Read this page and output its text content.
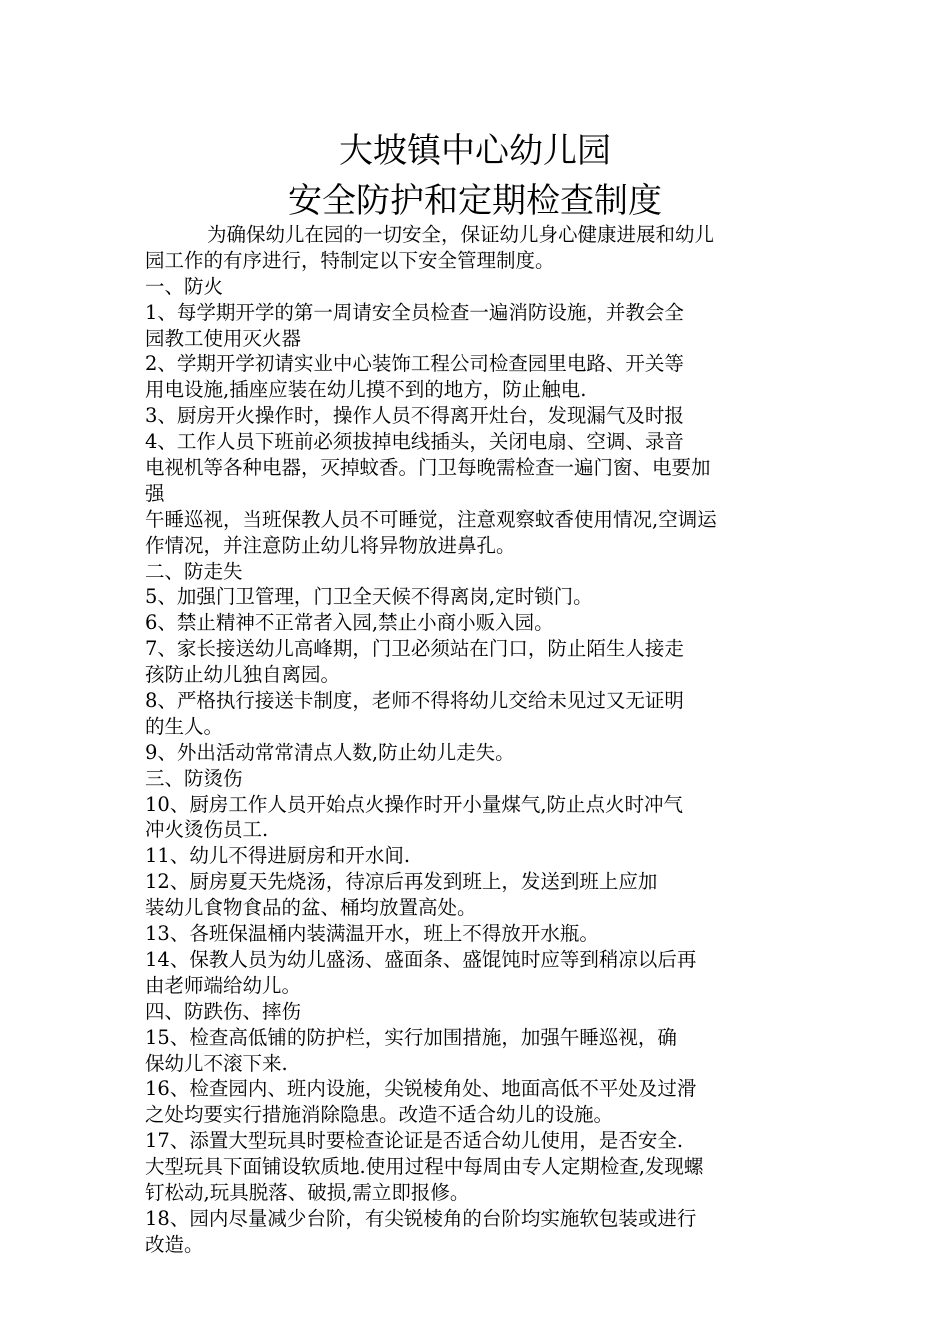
大坡镇中心幼儿园
安全防护和定期检查制度
为确保幼儿在园的一切安全，保证幼儿身心健康进展和幼儿
园工作的有序进行，特制定以下安全管理制度。
一、防火
1、每学期开学的第一周请安全员检查一遍消防设施，并教会全
园教工使用灭火器
2、学期开学初请实业中心装饰工程公司检查园里电路、开关等
用电设施,插座应装在幼儿摸不到的地方，防止触电.
3、厨房开火操作时，操作人员不得离开灶台，发现漏气及时报
4、工作人员下班前必须拔掉电线插头，关闭电扇、空调、录音
电视机等各种电器，灭掉蚊香。门卫每晚需检查一遍门窗、电要加
强
午睡巡视，当班保教人员不可睡觉，注意观察蚊香使用情况,空调运
作情况，并注意防止幼儿将异物放进鼻孔。
二、防走失
5、加强门卫管理，门卫全天候不得离岗,定时锁门。
6、禁止精神不正常者入园,禁止小商小贩入园。
7、家长接送幼儿高峰期，门卫必须站在门口，防止陌生人接走
孩防止幼儿独自离园。
8、严格执行接送卡制度，老师不得将幼儿交给未见过又无证明
的生人。
9、外出活动常常清点人数,防止幼儿走失。
三、防烫伤
10、厨房工作人员开始点火操作时开小量煤气,防止点火时冲气
冲火烫伤员工.
11、幼儿不得进厨房和开水间.
12、厨房夏天先烧汤，待凉后再发到班上，发送到班上应加
装幼儿食物食品的盆、桶均放置高处。
13、各班保温桶内装满温开水，班上不得放开水瓶。
14、保教人员为幼儿盛汤、盛面条、盛馄饨时应等到稍凉以后再
由老师端给幼儿。
四、防跌伤、摔伤
15、检查高低铺的防护栏，实行加围措施，加强午睡巡视，确
保幼儿不滚下来.
16、检查园内、班内设施，尖锐棱角处、地面高低不平处及过滑
之处均要实行措施消除隐患。改造不适合幼儿的设施。
17、添置大型玩具时要检查论证是否适合幼儿使用，是否安全.
大型玩具下面铺设软质地.使用过程中每周由专人定期检查,发现螺
钉松动,玩具脱落、破损,需立即报修。
18、园内尽量减少台阶，有尖锐棱角的台阶均实施软包装或进行
改造。
